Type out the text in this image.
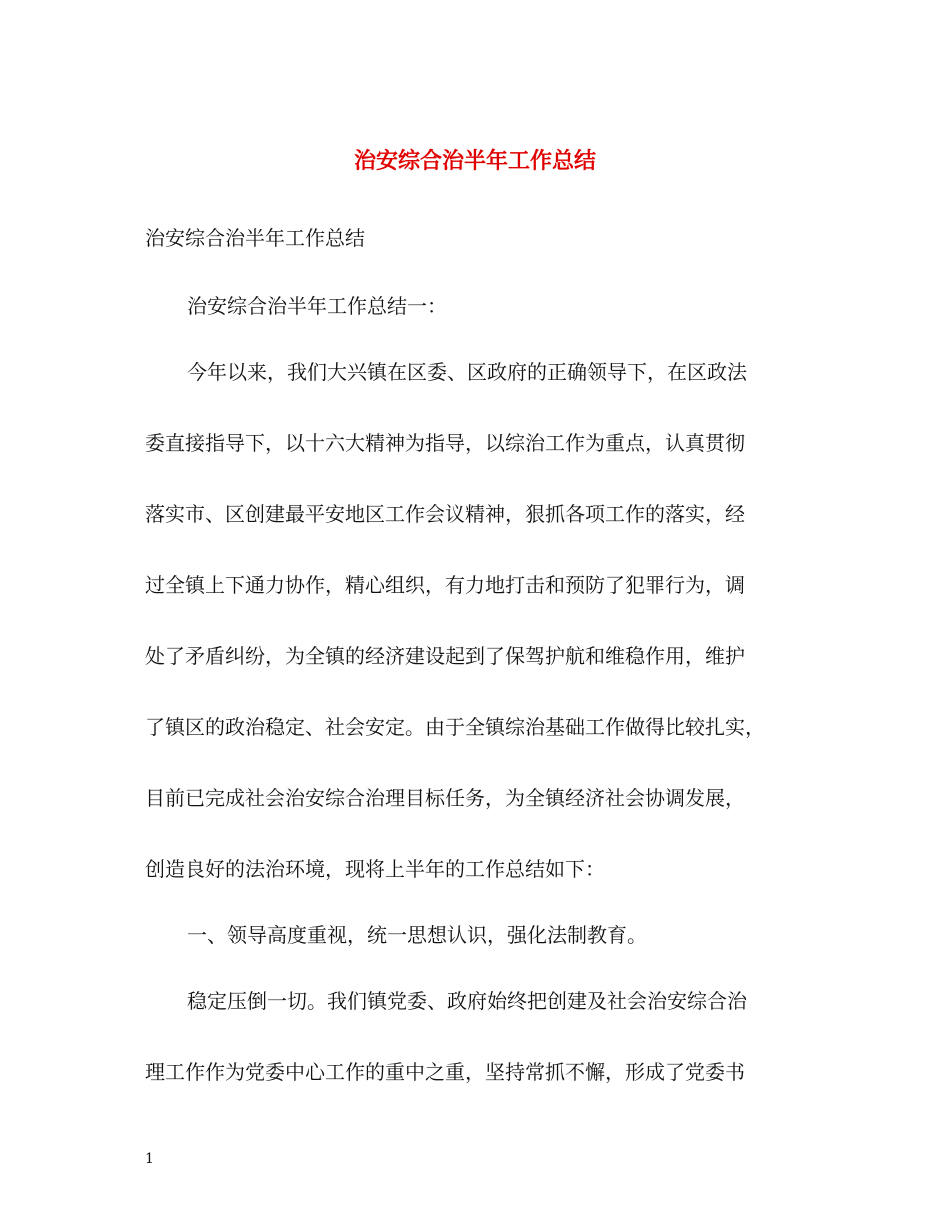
治安综合治半年工作总结

治安综合治半年工作总结

治安综合治半年工作总结一：

今年以来，我们大兴镇在区委、区政府的正确领导下，在区政法

委直接指导下，以十六大精神为指导，以综治工作为重点，认真贯彻

落实市、区创建最平安地区工作会议精神，狠抓各项工作的落实，经

过全镇上下通力协作，精心组织，有力地打击和预防了犯罪行为，调

处了矛盾纠纷，为全镇的经济建设起到了保驾护航和维稳作用，维护

了镇区的政治稳定、社会安定。由于全镇综治基础工作做得比较扎实，

目前已完成社会治安综合治理目标任务，为全镇经济社会协调发展，

创造良好的法治环境，现将上半年的工作总结如下：

一、领导高度重视，统一思想认识，强化法制教育。

稳定压倒一切。我们镇党委、政府始终把创建及社会治安综合治

理工作作为党委中心工作的重中之重，坚持常抓不懈，形成了党委书

1
